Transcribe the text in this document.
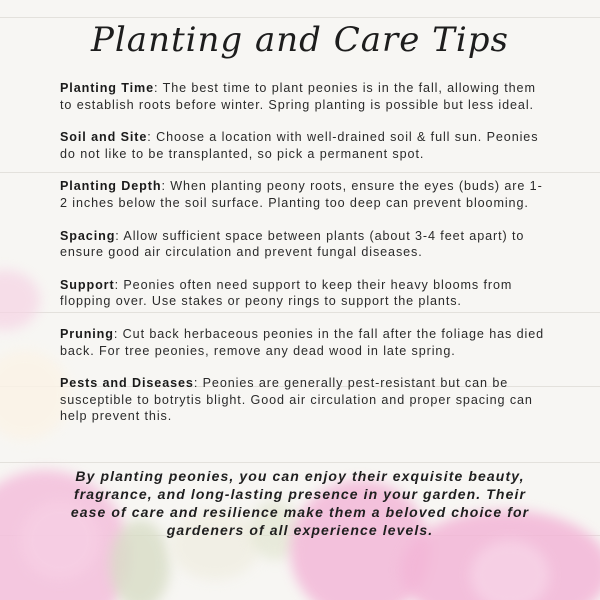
Planting and Care Tips

Planting Time: The best time to plant peonies is in the fall, allowing them to establish roots before winter. Spring planting is possible but less ideal.

Soil and Site: Choose a location with well-drained soil & full sun. Peonies do not like to be transplanted, so pick a permanent spot.

Planting Depth: When planting peony roots, ensure the eyes (buds) are 1-2 inches below the soil surface. Planting too deep can prevent blooming.

Spacing: Allow sufficient space between plants (about 3-4 feet apart) to ensure good air circulation and prevent fungal diseases.

Support: Peonies often need support to keep their heavy blooms from flopping over. Use stakes or peony rings to support the plants.

Pruning: Cut back herbaceous peonies in the fall after the foliage has died back. For tree peonies, remove any dead wood in late spring.

Pests and Diseases: Peonies are generally pest-resistant but can be susceptible to botrytis blight. Good air circulation and proper spacing can help prevent this.

By planting peonies, you can enjoy their exquisite beauty, fragrance, and long-lasting presence in your garden. Their ease of care and resilience make them a beloved choice for gardeners of all experience levels.
